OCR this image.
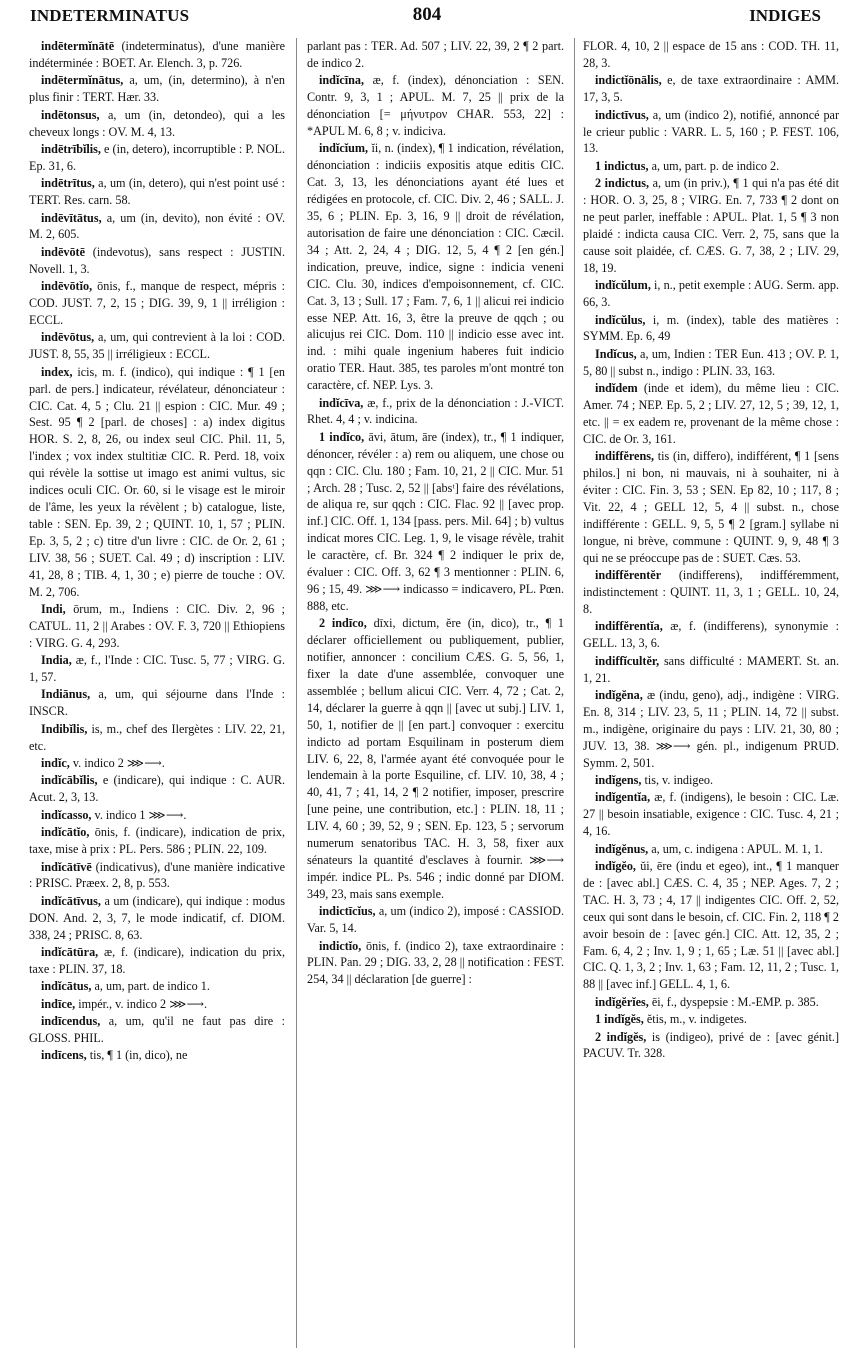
INDETERMINATUS	804	INDIGES

indētermĭnātē (indeterminatus), d'une manière indéterminée : BOET. Ar. Elench. 3, p. 726.

indētermĭnātus, a, um, (in, determino), à n'en plus finir : TERT. Hær. 33.

indētonsus, a, um (in, detondeo), qui a les cheveux longs : OV. M. 4, 13.

indētrībĭlis, e (in, detero), incorruptible : P. NOL. Ep. 31, 6.

indētrītus, a, um (in, detero), qui n'est point usé : TERT. Res. carn. 58.

indēvītātus, a, um (in, devito), non évité : OV. M. 2, 605.

indēvōtē (indevotus), sans respect : JUSTIN. Novell. 1, 3.

indēvōtĭo, ōnis, f., manque de respect, mépris : COD. JUST. 7, 2, 15 ; DIG. 39, 9, 1 || irréligion : ECCL.

indēvōtus, a, um, qui contrevient à la loi : COD. JUST. 8, 55, 35 || irréligieux : ECCL.

index, icis, m. f. (indico), qui indique : ¶ 1 [en parl. de pers.] indicateur, révélateur, dénonciateur : CIC. Cat. 4, 5 ; Clu. 21 || espion : CIC. Mur. 49 ; Sest. 95 ¶ 2 [parl. de choses] : a) index digitus HOR. S. 2, 8, 26, ou index seul CIC. Phil. 11, 5, l'index ; vox index stultitiæ CIC. R. Perd. 18, voix qui révèle la sottise ut imago est animi vultus, sic indices oculi CIC. Or. 60, si le visage est le miroir de l'âme, les yeux la révèlent ; b) catalogue, liste, table : SEN. Ep. 39, 2 ; QUINT. 10, 1, 57 ; PLIN. Ep. 3, 5, 2 ; c) titre d'un livre : CIC. de Or. 2, 61 ; LIV. 38, 56 ; SUET. Cal. 49 ; d) inscription : LIV. 41, 28, 8 ; TIB. 4, 1, 30 ; e) pierre de touche : OV. M. 2, 706.

Indi, ōrum, m., Indiens : CIC. Div. 2, 96 ; CATUL. 11, 2 || Arabes : OV. F. 3, 720 || Ethiopiens : VIRG. G. 4, 293.

India, æ, f., l'Inde : CIC. Tusc. 5, 77 ; VIRG. G. 1, 57.

Indiānus, a, um, qui séjourne dans l'Inde : INSCR.

Indibĭlis, is, m., chef des Ilergètes : LIV. 22, 21, etc.

indĭc, v. indico 2 ⋙⟶.

indĭcābĭlis, e (indicare), qui indique : C. AUR. Acut. 2, 3, 13.

indĭcasso, v. indico 1 ⋙⟶.

indĭcātĭo, ōnis, f. (indicare), indication de prix, taxe, mise à prix : PL. Pers. 586 ; PLIN. 22, 109.

indĭcātīvē (indicativus), d'une manière indicative : PRISC. Præex. 2, 8, p. 553.

indĭcātīvus, a um (indicare), qui indique : modus DON. And. 2, 3, 7, le mode indicatif, cf. DIOM. 338, 24 ; PRISC. 8, 63.

indĭcātūra, æ, f. (indicare), indication du prix, taxe : PLIN. 37, 18.

indĭcātus, a, um, part. de indico 1.

indīce, impér., v. indico 2 ⋙⟶.

indīcendus, a, um, qu'il ne faut pas dire : GLOSS. PHIL.

indīcens, tis, ¶ 1 (in, dico), ne

parlant pas : TER. Ad. 507 ; LIV. 22, 39, 2 ¶ 2 part. de indico 2.

indĭcīna, æ, f. (index), dénonciation : SEN. Contr. 9, 3, 1 ; APUL. M. 7, 25 || prix de la dénonciation [= μήνυτρον CHAR. 553, 22] : *APUL M. 6, 8 ; v. indiciva.

indĭcĭum, ĭi, n. (index), ¶ 1 indication, révélation, dénonciation : indiciis expositis atque editis CIC. Cat. 3, 13, les dénonciations ayant été lues et rédigées en protocole, cf. CIC. Div. 2, 46 ; SALL. J. 35, 6 ; PLIN. Ep. 3, 16, 9 || droit de révélation, autorisation de faire une dénonciation : CIC. Cæcil. 34 ; Att. 2, 24, 4 ; DIG. 12, 5, 4 ¶ 2 [en gén.] indication, preuve, indice, signe : indicia veneni CIC. Clu. 30, indices d'empoisonnement, cf. CIC. Cat. 3, 13 ; Sull. 17 ; Fam. 7, 6, 1 || alicui rei indicio esse NEP. Att. 16, 3, être la preuve de qqch ; ou alicujus rei CIC. Dom. 110 || indicio esse avec int. ind. : mihi quale ingenium haberes fuit indicio oratio TER. Haut. 385, tes paroles m'ont montré ton caractère, cf. NEP. Lys. 3.

indĭcīva, æ, f., prix de la dénonciation : J.-VICT. Rhet. 4, 4 ; v. indicina.

1 indĭco, āvi, ātum, āre (index), tr., ¶ 1 indiquer, dénoncer, révéler : a) rem ou aliquem, une chose ou qqn : CIC. Clu. 180 ; Fam. 10, 21, 2 || CIC. Mur. 51 ; Arch. 28 ; Tusc. 2, 52 || [absᵗ] faire des révélations, de aliqua re, sur qqch : CIC. Flac. 92 || [avec prop. inf.] CIC. Off. 1, 134 [pass. pers. Mil. 64] ; b) vultus indicat mores CIC. Leg. 1, 9, le visage révèle, trahit le caractère, cf. Br. 324 ¶ 2 indiquer le prix de, évaluer : CIC. Off. 3, 62 ¶ 3 mentionner : PLIN. 6, 96 ; 15, 49. ⋙⟶ indicasso = indicavero, PL. Pœn. 888, etc.

2 indīco, dīxi, dictum, ĕre (in, dico), tr., ¶ 1 déclarer officiellement ou publiquement, publier, notifier, annoncer : concilium CÆS. G. 5, 56, 1, fixer la date d'une assemblée, convoquer une assemblée ; bellum alicui CIC. Verr. 4, 72 ; Cat. 2, 14, déclarer la guerre à qqn || [avec ut subj.] LIV. 1, 50, 1, notifier de || [en part.] convoquer : exercitu indicto ad portam Esquilinam in posterum diem LIV. 6, 22, 8, l'armée ayant été convoquée pour le lendemain à la porte Esquiline, cf. LIV. 10, 38, 4 ; 40, 41, 7 ; 41, 14, 2 ¶ 2 notifier, imposer, prescrire [une peine, une contribution, etc.] : PLIN. 18, 11 ; LIV. 4, 60 ; 39, 52, 9 ; SEN. Ep. 123, 5 ; servorum numerum senatoribus TAC. H. 3, 58, fixer aux sénateurs la quantité d'esclaves à fournir. ⋙⟶ impér. indice PL. Ps. 546 ; indic donné par DIOM. 349, 23, mais sans exemple.

indictīcĭus, a, um (indico 2), imposé : CASSIOD. Var. 5, 14.

indictĭo, ōnis, f. (indico 2), taxe extraordinaire : PLIN. Pan. 29 ; DIG. 33, 2, 28 || notification : FEST. 254, 34 || déclaration [de guerre] :

FLOR. 4, 10, 2 || espace de 15 ans : COD. TH. 11, 28, 3.

indictĭōnālis, e, de taxe extraordinaire : AMM. 17, 3, 5.

indictīvus, a, um (indico 2), notifié, annoncé par le crieur public : VARR. L. 5, 160 ; P. FEST. 106, 13.

1 indictus, a, um, part. p. de indico 2.

2 indictus, a, um (in priv.), ¶ 1 qui n'a pas été dit : HOR. O. 3, 25, 8 ; VIRG. En. 7, 733 ¶ 2 dont on ne peut parler, ineffable : APUL. Plat. 1, 5 ¶ 3 non plaidé : indicta causa CIC. Verr. 2, 75, sans que la cause soit plaidée, cf. CÆS. G. 7, 38, 2 ; LIV. 29, 18, 19.

indĭcŭlum, i, n., petit exemple : AUG. Serm. app. 66, 3.

indĭcŭlus, i, m. (index), table des matières : SYMM. Ep. 6, 49

Indĭcus, a, um, Indien : TER Eun. 413 ; OV. P. 1, 5, 80 || subst n., indigo : PLIN. 33, 163.

indĭdem (inde et idem), du même lieu : CIC. Amer. 74 ; NEP. Ep. 5, 2 ; LIV. 27, 12, 5 ; 39, 12, 1, etc. || = ex eadem re, provenant de la même chose : CIC. de Or. 3, 161.

indiffĕrens, tis (in, differo), indifférent, ¶ 1 [sens philos.] ni bon, ni mauvais, ni à souhaiter, ni à éviter : CIC. Fin. 3, 53 ; SEN. Ep 82, 10 ; 117, 8 ; Vit. 22, 4 ; GELL 12, 5, 4 || subst. n., chose indifférente : GELL. 9, 5, 5 ¶ 2 [gram.] syllabe ni longue, ni brève, commune : QUINT. 9, 9, 48 ¶ 3 qui ne se préoccupe pas de : SUET. Cæs. 53.

indiffĕrentĕr (indifferens), indifféremment, indistinctement : QUINT. 11, 3, 1 ; GELL. 10, 24, 8.

indiffĕrentĭa, æ, f. (indifferens), synonymie : GELL. 13, 3, 6.

indiffĭcultĕr, sans difficulté : MAMERT. St. an. 1, 21.

indĭgĕna, æ (indu, geno), adj., indigène : VIRG. En. 8, 314 ; LIV. 23, 5, 11 ; PLIN. 14, 72 || subst. m., indigène, originaire du pays : LIV. 21, 30, 80 ; JUV. 13, 38. ⋙⟶ gén. pl., indigenum PRUD. Symm. 2, 501.

indĭgens, tis, v. indigeo.

indĭgentĭa, æ, f. (indigens), le besoin : CIC. Læ. 27 || besoin insatiable, exigence : CIC. Tusc. 4, 21 ; 4, 16.

indĭgĕnus, a, um, c. indigena : APUL. M. 1, 1.

indĭgĕo, ŭi, ēre (indu et egeo), int., ¶ 1 manquer de : [avec abl.] CÆS. C. 4, 35 ; NEP. Ages. 7, 2 ; TAC. H. 3, 73 ; 4, 17 || indigentes CIC. Off. 2, 52, ceux qui sont dans le besoin, cf. CIC. Fin. 2, 118 ¶ 2 avoir besoin de : [avec gén.] CIC. Att. 12, 35, 2 ; Fam. 6, 4, 2 ; Inv. 1, 9 ; 1, 65 ; Læ. 51 || [avec abl.] CIC. Q. 1, 3, 2 ; Inv. 1, 63 ; Fam. 12, 11, 2 ; Tusc. 1, 88 || [avec inf.] GELL. 4, 1, 6.

indĭgĕrĭes, ēi, f., dyspepsie : M.-EMP. p. 385.

1 indĭgĕs, ĕtis, m., v. indigetes.

2 indĭgĕs, is (indigeo), privé de : [avec génit.] PACUV. Tr. 328.
